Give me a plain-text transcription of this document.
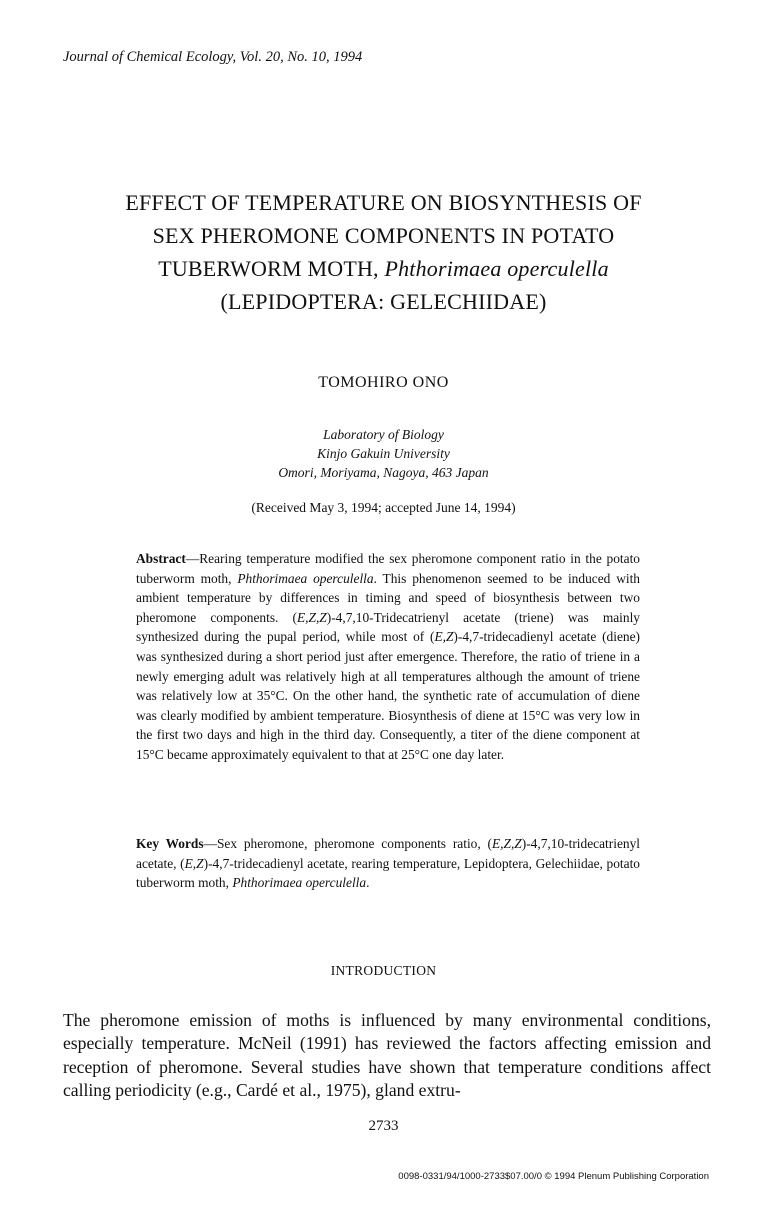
Journal of Chemical Ecology, Vol. 20, No. 10, 1994
EFFECT OF TEMPERATURE ON BIOSYNTHESIS OF
SEX PHEROMONE COMPONENTS IN POTATO
TUBERWORM MOTH, Phthorimaea operculella
(LEPIDOPTERA: GELECHIIDAE)
TOMOHIRO ONO
Laboratory of Biology
Kinjo Gakuin University
Omori, Moriyama, Nagoya, 463 Japan
(Received May 3, 1994; accepted June 14, 1994)
Abstract—Rearing temperature modified the sex pheromone component ratio in the potato tuberworm moth, Phthorimaea operculella. This phenomenon seemed to be induced with ambient temperature by differences in timing and speed of biosynthesis between two pheromone components. (E,Z,Z)-4,7,10-Tridecatrienyl acetate (triene) was mainly synthesized during the pupal period, while most of (E,Z)-4,7-tridecadienyl acetate (diene) was synthesized during a short period just after emergence. Therefore, the ratio of triene in a newly emerging adult was relatively high at all temperatures although the amount of triene was relatively low at 35°C. On the other hand, the synthetic rate of accumulation of diene was clearly modified by ambient temperature. Biosynthesis of diene at 15°C was very low in the first two days and high in the third day. Consequently, a titer of the diene component at 15°C became approximately equivalent to that at 25°C one day later.
Key Words—Sex pheromone, pheromone components ratio, (E,Z,Z)-4,7,10-tridecatrienyl acetate, (E,Z)-4,7-tridecadienyl acetate, rearing temperature, Lepidoptera, Gelechiidae, potato tuberworm moth, Phthorimaea operculella.
INTRODUCTION
The pheromone emission of moths is influenced by many environmental conditions, especially temperature. McNeil (1991) has reviewed the factors affecting emission and reception of pheromone. Several studies have shown that temperature conditions affect calling periodicity (e.g., Cardé et al., 1975), gland extru-
2733
0098-0331/94/1000-2733$07.00/0 © 1994 Plenum Publishing Corporation
